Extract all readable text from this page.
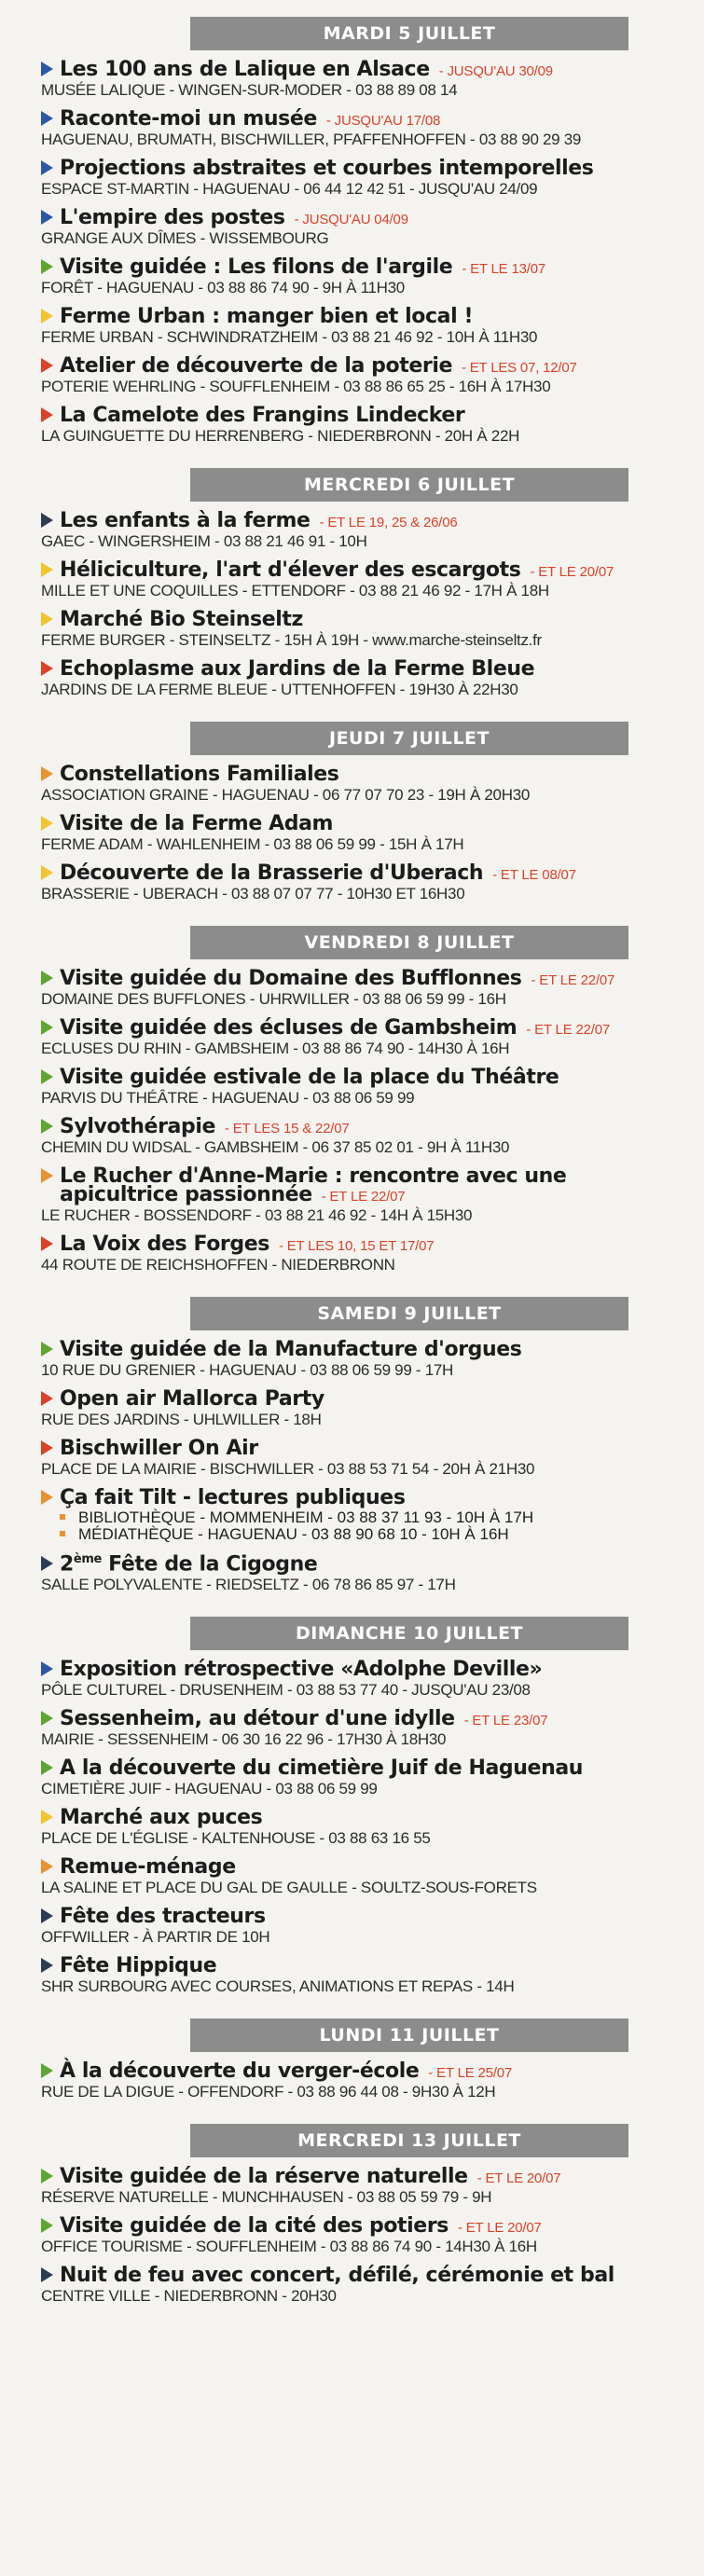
MARDI 5 JUILLET
Les 100 ans de Lalique en Alsace - JUSQU'AU 30/09
MUSÉE LALIQUE - WINGEN-SUR-MODER - 03 88 89 08 14
Raconte-moi un musée - JUSQU'AU 17/08
HAGUENAU, BRUMATH, BISCHWILLER, PFAFFENHOFFEN - 03 88 90 29 39
Projections abstraites et courbes intemporelles
ESPACE ST-MARTIN - HAGUENAU - 06 44 12 42 51 - JUSQU'AU 24/09
L'empire des postes - JUSQU'AU 04/09
GRANGE AUX DÎMES - WISSEMBOURG
Visite guidée : Les filons de l'argile - ET LE 13/07
FORÊT - HAGUENAU - 03 88 86 74 90 - 9H À 11H30
Ferme Urban : manger bien et local !
FERME URBAN - SCHWINDRATZHEIM - 03 88 21 46 92 - 10H À 11H30
Atelier de découverte de la poterie - ET LES 07, 12/07
POTERIE WEHRLING - SOUFFLENHEIM - 03 88 86 65 25 - 16H À 17H30
La Camelote des Frangins Lindecker
LA GUINGUETTE DU HERRENBERG - NIEDERBRONN - 20H À 22H
MERCREDI 6 JUILLET
Les enfants à la ferme - ET LE 19, 25 & 26/06
GAEC - WINGERSHEIM - 03 88 21 46 91 - 10H
Héliciculture, l'art d'élever des escargots - ET LE 20/07
MILLE ET UNE COQUILLES - ETTENDORF - 03 88 21 46 92 - 17H À 18H
Marché Bio Steinseltz
FERME BURGER - STEINSELTZ - 15H À 19H - www.marche-steinseltz.fr
Echoplasme aux Jardins de la Ferme Bleue
JARDINS DE LA FERME BLEUE - UTTENHOFFEN - 19H30 À 22H30
JEUDI 7 JUILLET
Constellations Familiales
ASSOCIATION GRAINE - HAGUENAU - 06 77 07 70 23 - 19H À 20H30
Visite de la Ferme Adam
FERME ADAM - WAHLENHEIM - 03 88 06 59 99 - 15H À 17H
Découverte de la Brasserie d'Uberach - ET LE 08/07
BRASSERIE - UBERACH - 03 88 07 07 77 - 10H30 ET 16H30
VENDREDI 8 JUILLET
Visite guidée du Domaine des Bufflonnes - ET LE 22/07
DOMAINE DES BUFFLONES - UHRWILLER - 03 88 06 59 99 - 16H
Visite guidée des écluses de Gambsheim - ET LE 22/07
ECLUSES DU RHIN - GAMBSHEIM - 03 88 86 74 90 - 14H30 À 16H
Visite guidée estivale de la place du Théâtre
PARVIS DU THÉÂTRE - HAGUENAU - 03 88 06 59 99
Sylvothérapie - ET LES 15 & 22/07
CHEMIN DU WIDSAL - GAMBSHEIM - 06 37 85 02 01 - 9H À 11H30
Le Rucher d'Anne-Marie : rencontre avec une
apicultrice passionnée - ET LE 22/07
LE RUCHER - BOSSENDORF - 03 88 21 46 92 - 14H À 15H30
La Voix des Forges - ET LES 10, 15 ET 17/07
44 ROUTE DE REICHSHOFFEN - NIEDERBRONN
SAMEDI 9 JUILLET
Visite guidée de la Manufacture d'orgues
10 RUE DU GRENIER - HAGUENAU - 03 88 06 59 99 - 17H
Open air Mallorca Party
RUE DES JARDINS - UHLWILLER - 18H
Bischwiller On Air
PLACE DE LA MAIRIE - BISCHWILLER - 03 88 53 71 54 - 20H À 21H30
Ça fait Tilt - lectures publiques
BIBLIOTHÈQUE - MOMMENHEIM - 03 88 37 11 93 - 10H À 17H
MÉDIATHÈQUE - HAGUENAU - 03 88 90 68 10 - 10H À 16H
2ème Fête de la Cigogne
SALLE POLYVALENTE - RIEDSELTZ - 06 78 86 85 97 - 17H
DIMANCHE 10 JUILLET
Exposition rétrospective «Adolphe Deville»
PÔLE CULTUREL - DRUSENHEIM - 03 88 53 77 40 - JUSQU'AU 23/08
Sessenheim, au détour d'une idylle - ET LE 23/07
MAIRIE - SESSENHEIM - 06 30 16 22 96 - 17H30 À 18H30
A la découverte du cimetière Juif de Haguenau
CIMETIÈRE JUIF - HAGUENAU - 03 88 06 59 99
Marché aux puces
PLACE DE L'ÉGLISE - KALTENHOUSE - 03 88 63 16 55
Remue-ménage
LA SALINE ET PLACE DU GAL DE GAULLE - SOULTZ-SOUS-FORETS
Fête des tracteurs
OFFWILLER - À PARTIR DE 10H
Fête Hippique
SHR SURBOURG AVEC COURSES, ANIMATIONS ET REPAS - 14H
LUNDI 11 JUILLET
À la découverte du verger-école - ET LE 25/07
RUE DE LA DIGUE - OFFENDORF - 03 88 96 44 08 - 9H30 À 12H
MERCREDI 13 JUILLET
Visite guidée de la réserve naturelle - ET LE 20/07
RÉSERVE NATURELLE - MUNCHHAUSEN - 03 88 05 59 79 - 9H
Visite guidée de la cité des potiers - ET LE 20/07
OFFICE TOURISME - SOUFFLENHEIM - 03 88 86 74 90 - 14H30 À 16H
Nuit de feu avec concert, défilé, cérémonie et bal
CENTRE VILLE - NIEDERBRONN - 20H30
